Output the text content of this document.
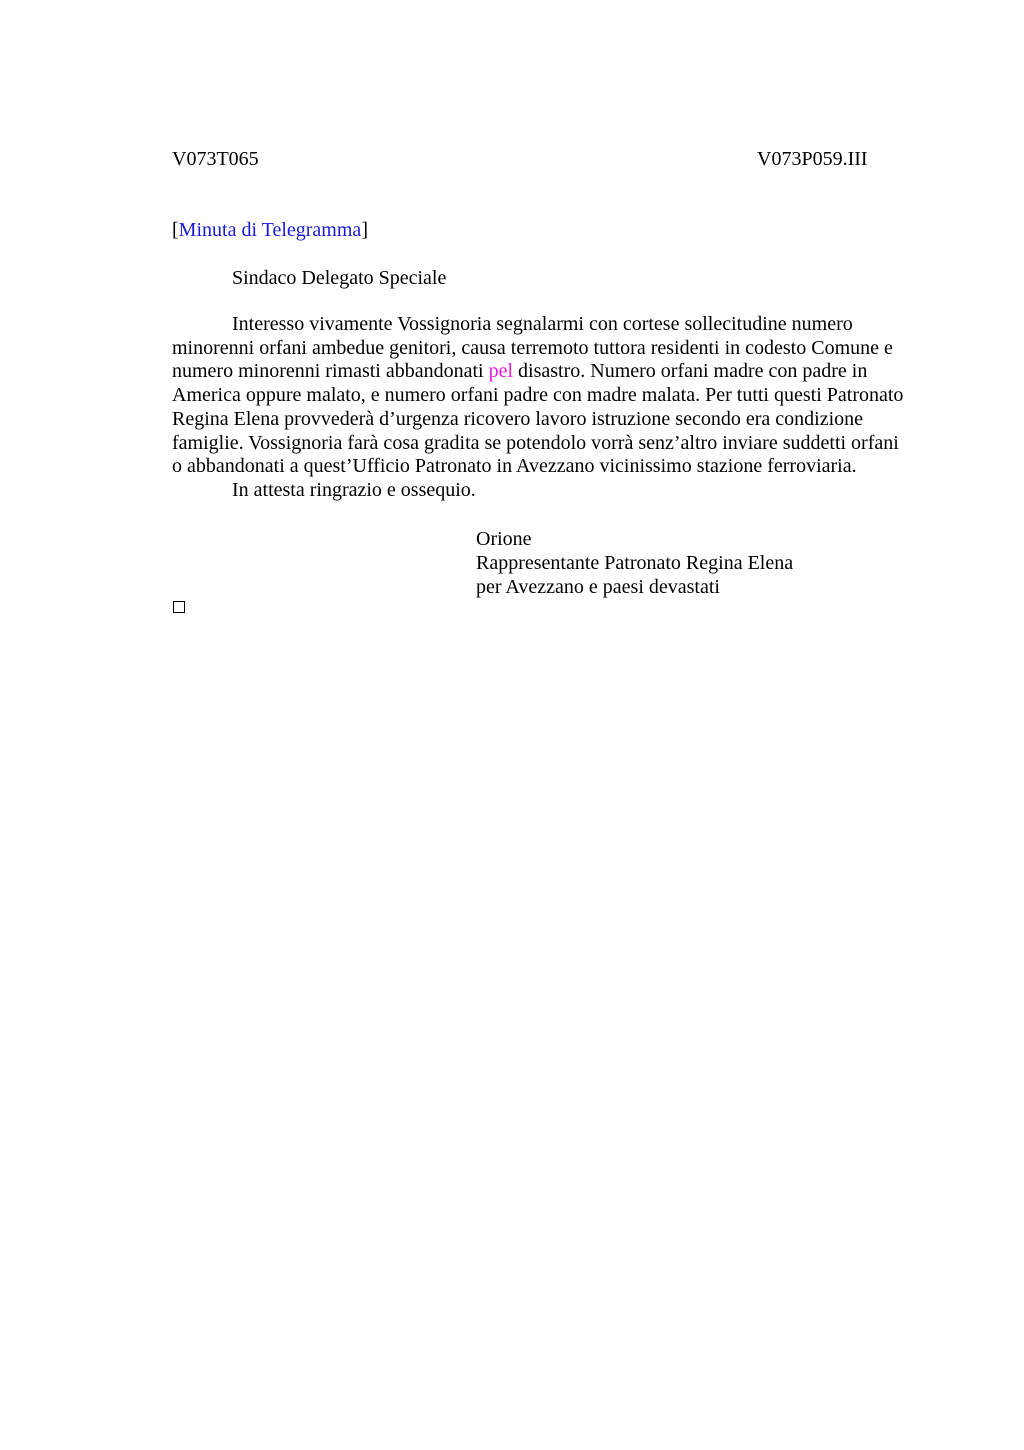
V073T065	V073P059.III
[Minuta di Telegramma]
Sindaco Delegato Speciale
Interesso vivamente Vossignoria segnalarmi con cortese sollecitudine numero
minorenni orfani ambedue genitori, causa terremoto tuttora residenti in codesto Comune e
numero minorenni rimasti abbandonati pel disastro. Numero orfani madre con padre in
America oppure malato, e numero orfani padre con madre malata. Per tutti questi Patronato
Regina Elena provvederà d’urgenza ricovero lavoro istruzione secondo era condizione
famiglie. Vossignoria farà cosa gradita se potendolo vorrà senz’altro inviare suddetti orfani
o abbandonati a quest’Ufficio Patronato in Avezzano vicinissimo stazione ferroviaria.
In attesta ringrazio e ossequio.
Orione
Rappresentante Patronato Regina Elena
per Avezzano e paesi devastati
